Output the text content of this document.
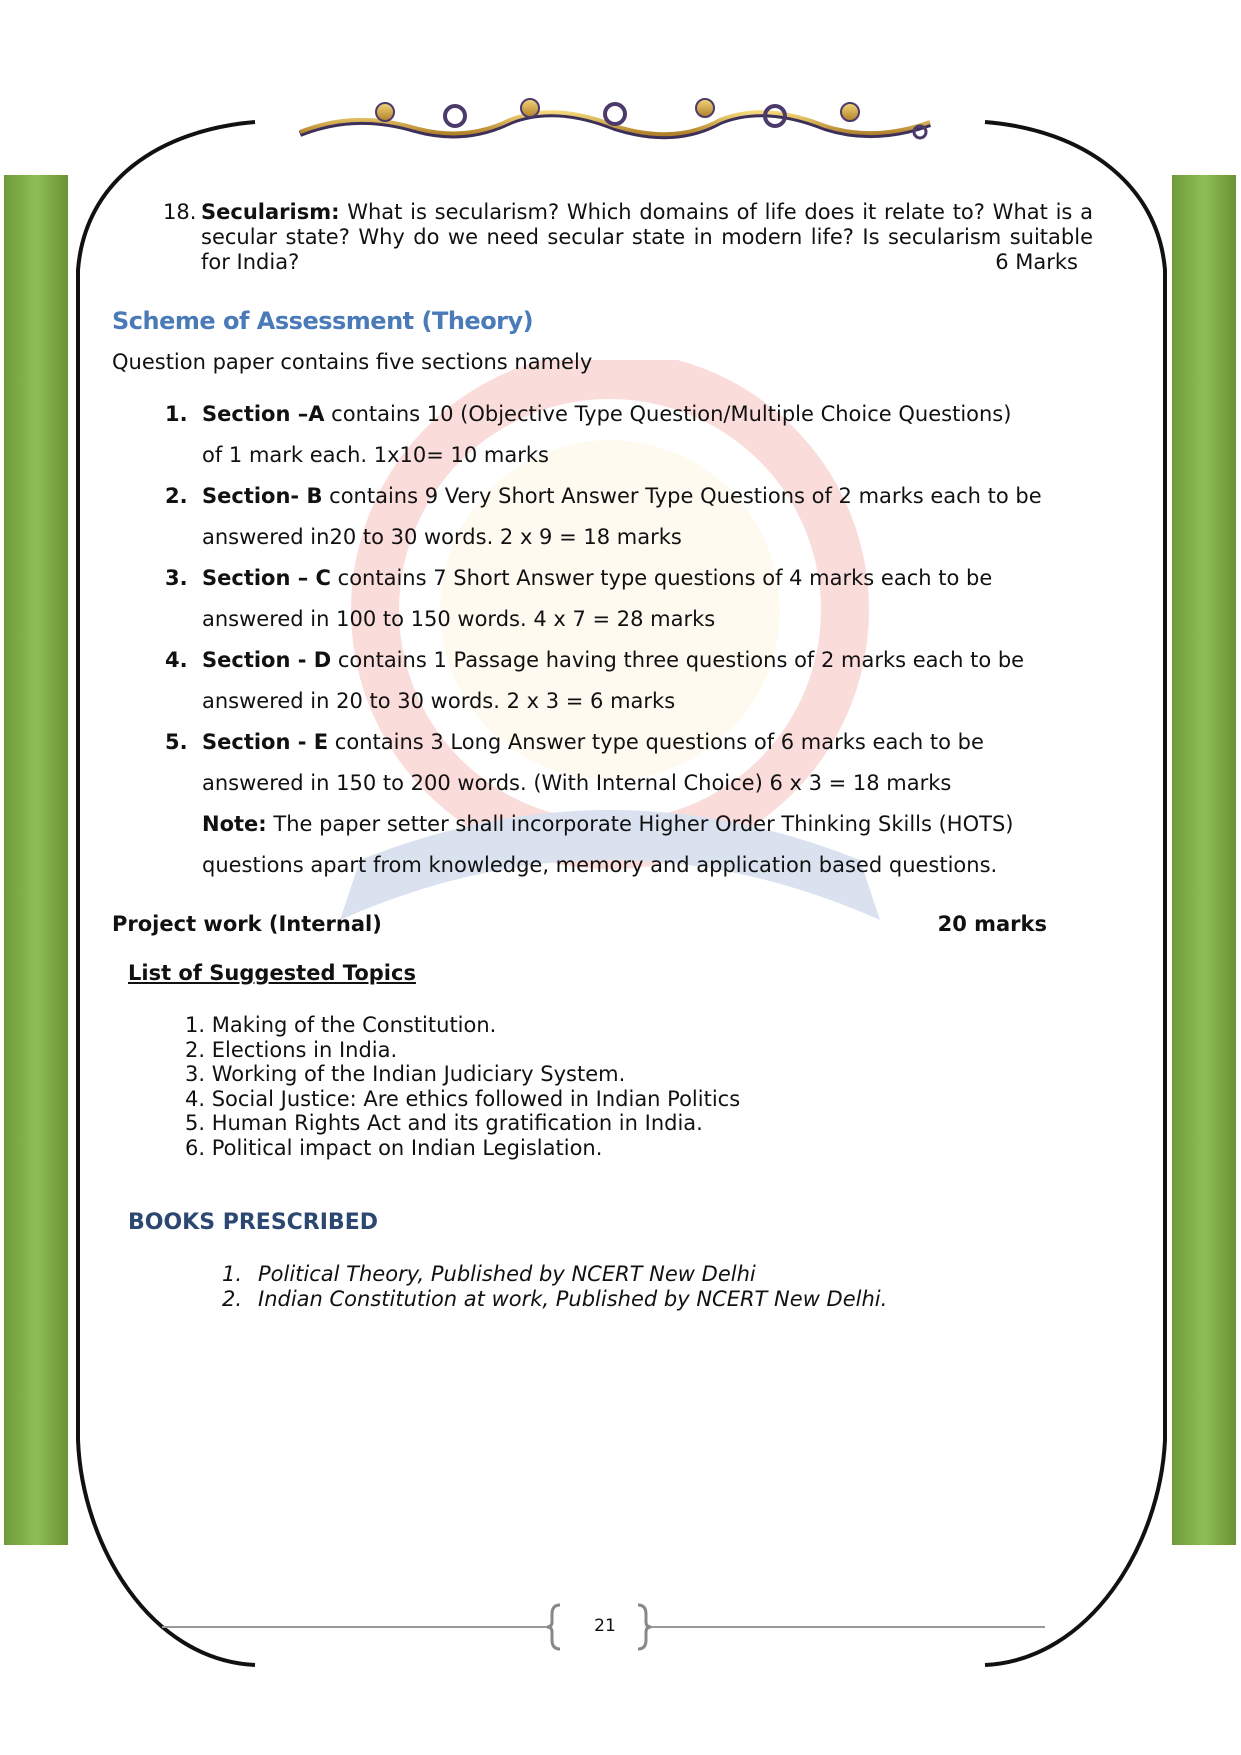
18. Secularism: What is secularism? Which domains of life does it relate to? What is a secular state? Why do we need secular state in modern life? Is secularism suitable for India?	6 Marks
Scheme of Assessment (Theory)
Question paper contains five sections namely
1. Section –A contains 10 (Objective Type Question/Multiple Choice Questions)
of 1 mark each. 1x10= 10 marks
2. Section- B contains 9 Very Short Answer Type Questions of 2 marks each to be
answered in20 to 30 words. 2 x 9 = 18 marks
3. Section – C contains 7 Short Answer type questions of 4 marks each to be
answered in 100 to 150 words. 4 x 7 = 28 marks
4. Section - D contains 1 Passage having three questions of 2 marks each to be
answered in 20 to 30 words. 2 x 3 = 6 marks
5. Section - E contains 3 Long Answer type questions of 6 marks each to be
answered in 150 to 200 words. (With Internal Choice) 6 x 3 = 18 marks
Note: The paper setter shall incorporate Higher Order Thinking Skills (HOTS)
questions apart from knowledge, memory and application based questions.
Project work (Internal)	20 marks
List of Suggested Topics
1. Making of the Constitution.
2. Elections in India.
3. Working of the Indian Judiciary System.
4. Social Justice: Are ethics followed in Indian Politics
5. Human Rights Act and its gratification in India.
6. Political impact on Indian Legislation.
BOOKS PRESCRIBED
1. Political Theory, Published by NCERT New Delhi
2. Indian Constitution at work, Published by NCERT New Delhi.
21
